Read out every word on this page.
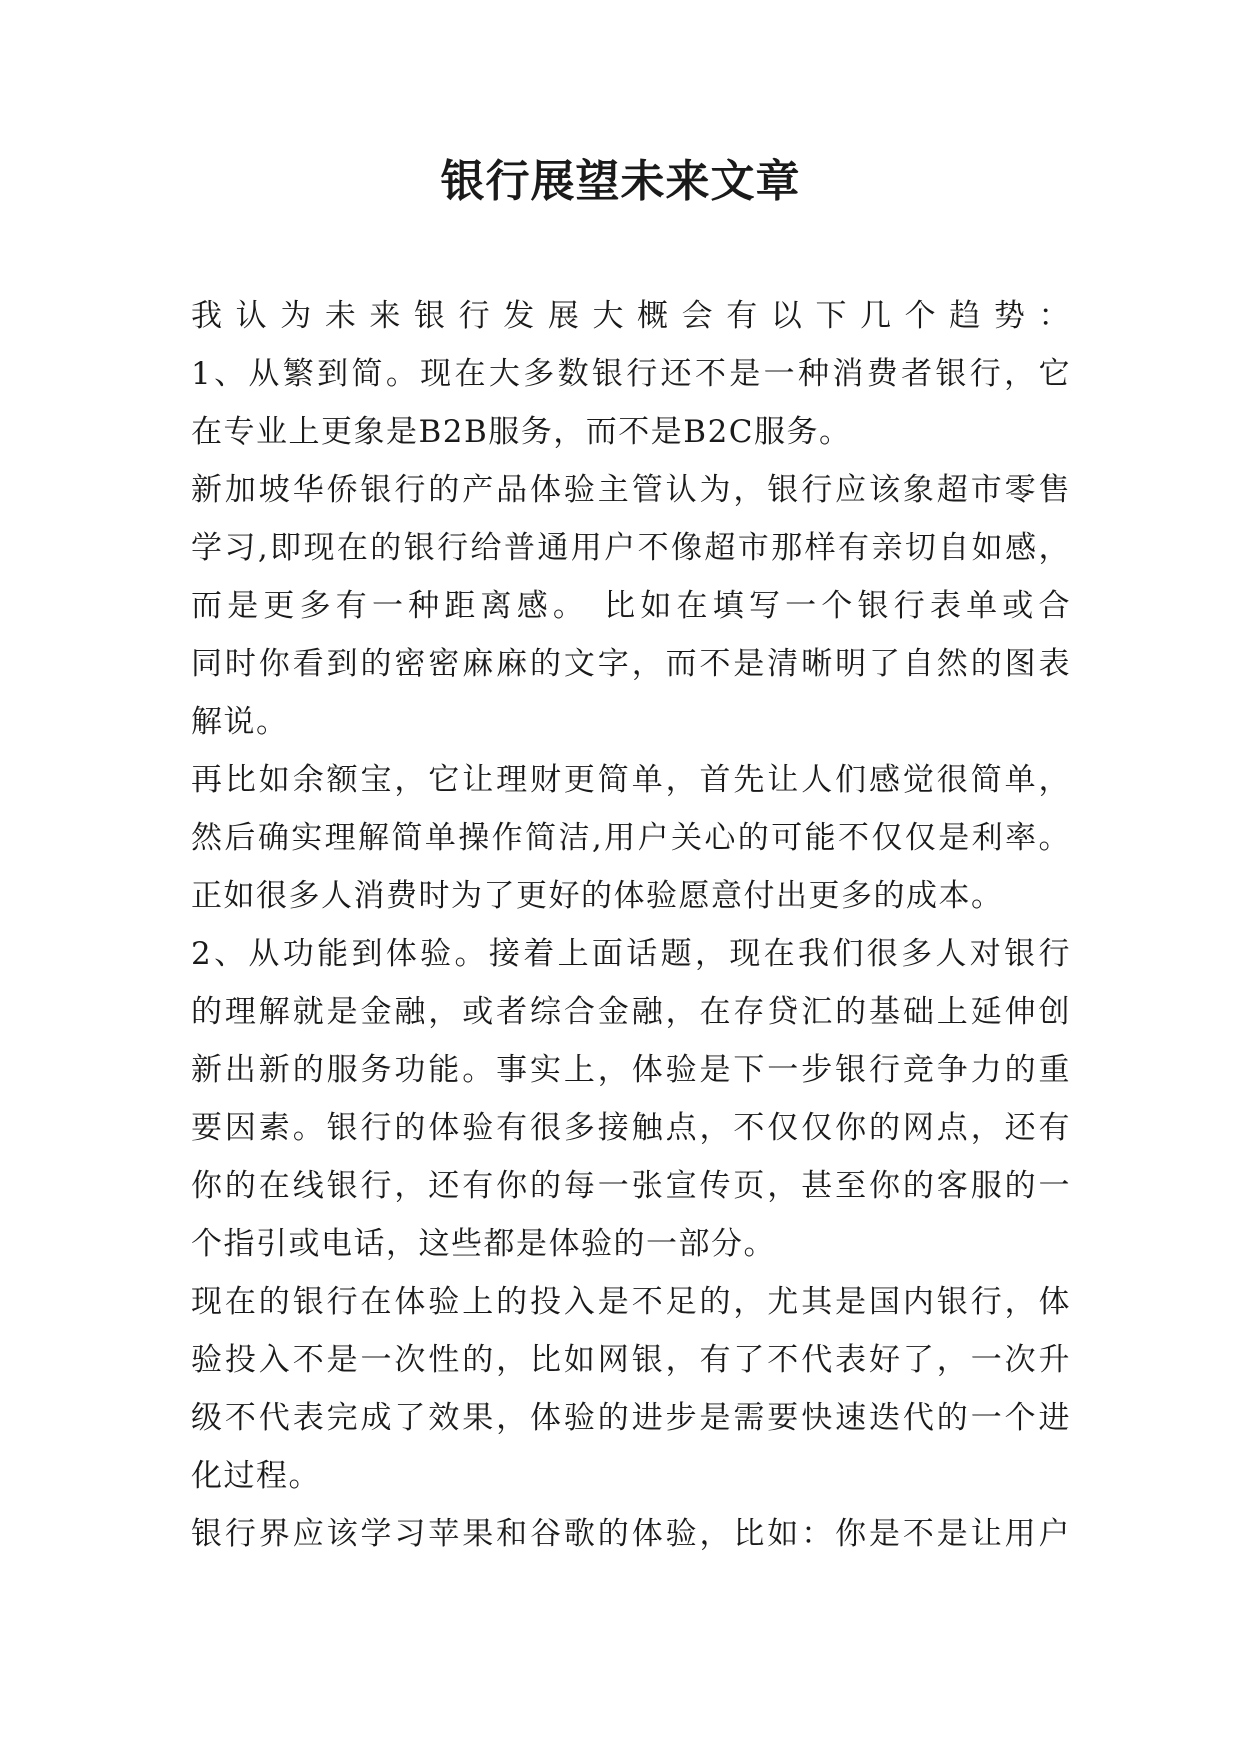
银行展望未来文章
我认为未来银行发展大概会有以下几个趋势：
1、从繁到简。现在大多数银行还不是一种消费者银行，它
在专业上更象是B2B服务，而不是B2C服务。
新加坡华侨银行的产品体验主管认为，银行应该象超市零售
学习,即现在的银行给普通用户不像超市那样有亲切自如感，
而是更多有一种距离感。 比如在填写一个银行表单或合
同时你看到的密密麻麻的文字，而不是清晰明了自然的图表
解说。
再比如余额宝，它让理财更简单，首先让人们感觉很简单，
然后确实理解简单操作简洁,用户关心的可能不仅仅是利率。
正如很多人消费时为了更好的体验愿意付出更多的成本。
2、从功能到体验。接着上面话题，现在我们很多人对银行
的理解就是金融，或者综合金融，在存贷汇的基础上延伸创
新出新的服务功能。事实上，体验是下一步银行竞争力的重
要因素。银行的体验有很多接触点，不仅仅你的网点，还有
你的在线银行，还有你的每一张宣传页，甚至你的客服的一
个指引或电话，这些都是体验的一部分。
现在的银行在体验上的投入是不足的，尤其是国内银行，体
验投入不是一次性的，比如网银，有了不代表好了，一次升
级不代表完成了效果，体验的进步是需要快速迭代的一个进
化过程。
银行界应该学习苹果和谷歌的体验，比如：你是不是让用户
